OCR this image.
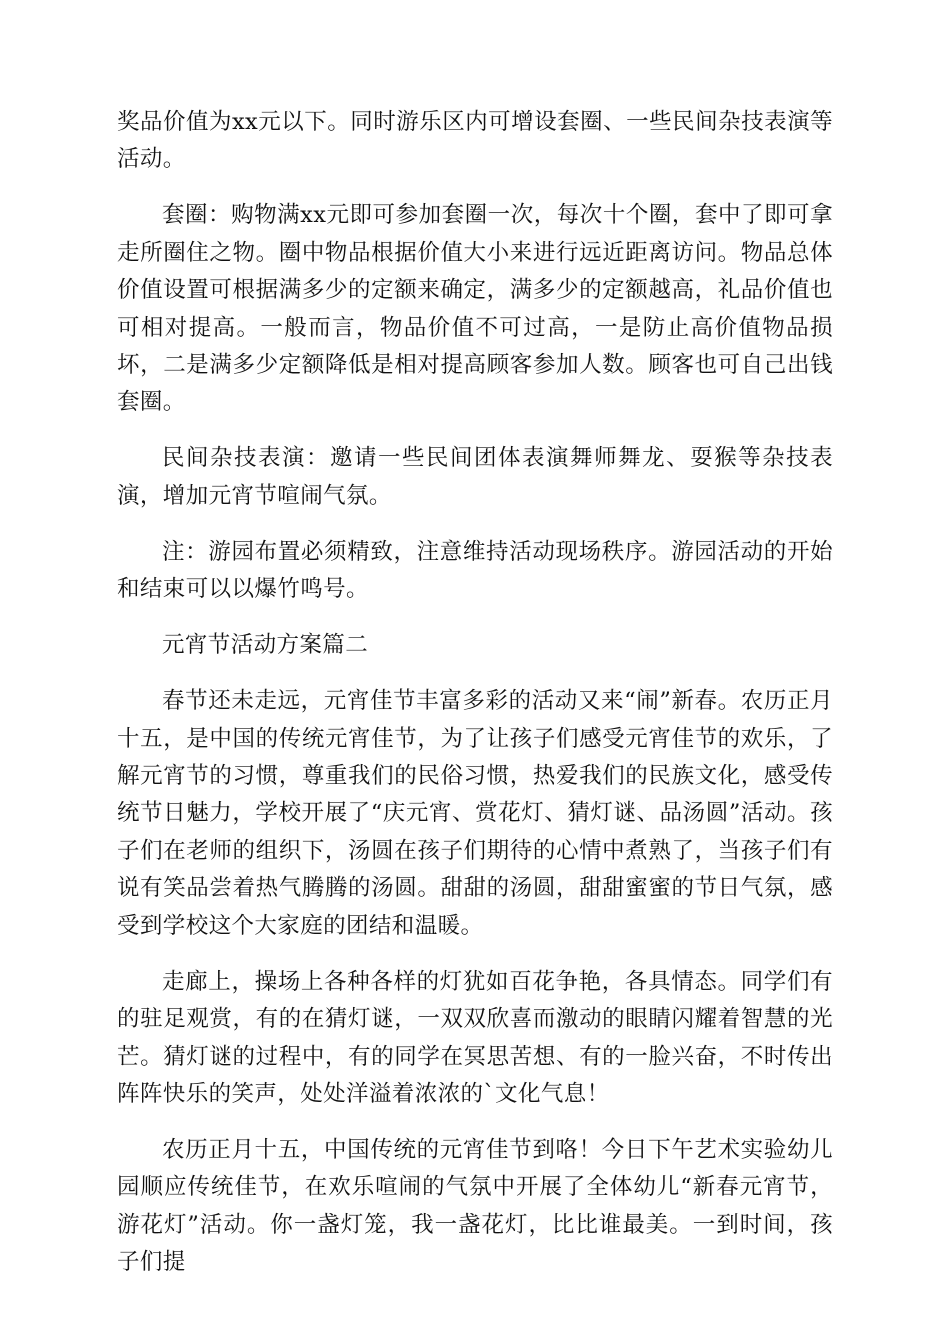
奖品价值为xx元以下。同时游乐区内可增设套圈、一些民间杂技表演等活动。

套圈：购物满xx元即可参加套圈一次，每次十个圈，套中了即可拿走所圈住之物。圈中物品根据价值大小来进行远近距离访问。物品总体价值设置可根据满多少的定额来确定，满多少的定额越高，礼品价值也可相对提高。一般而言，物品价值不可过高，一是防止高价值物品损坏，二是满多少定额降低是相对提高顾客参加人数。顾客也可自己出钱套圈。

民间杂技表演：邀请一些民间团体表演舞师舞龙、耍猴等杂技表演，增加元宵节喧闹气氛。

注：游园布置必须精致，注意维持活动现场秩序。游园活动的开始和结束可以以爆竹鸣号。

元宵节活动方案篇二

春节还未走远，元宵佳节丰富多彩的活动又来“闹”新春。农历正月十五，是中国的传统元宵佳节，为了让孩子们感受元宵佳节的欢乐，了解元宵节的习惯，尊重我们的民俗习惯，热爱我们的民族文化，感受传统节日魅力，学校开展了“庆元宵、赏花灯、猜灯谜、品汤圆”活动。孩子们在老师的组织下，汤圆在孩子们期待的心情中煮熟了，当孩子们有说有笑品尝着热气腾腾的汤圆。甜甜的汤圆，甜甜蜜蜜的节日气氛，感受到学校这个大家庭的团结和温暖。

走廊上，操场上各种各样的灯犹如百花争艳，各具情态。同学们有的驻足观赏，有的在猜灯谜，一双双欣喜而激动的眼睛闪耀着智慧的光芒。猜灯谜的过程中，有的同学在冥思苦想、有的一脸兴奋，不时传出阵阵快乐的笑声，处处洋溢着浓浓的`文化气息！

农历正月十五，中国传统的元宵佳节到咯！今日下午艺术实验幼儿园顺应传统佳节，在欢乐喧闹的气氛中开展了全体幼儿“新春元宵节，游花灯”活动。你一盏灯笼，我一盏花灯，比比谁最美。一到时间，孩子们提
